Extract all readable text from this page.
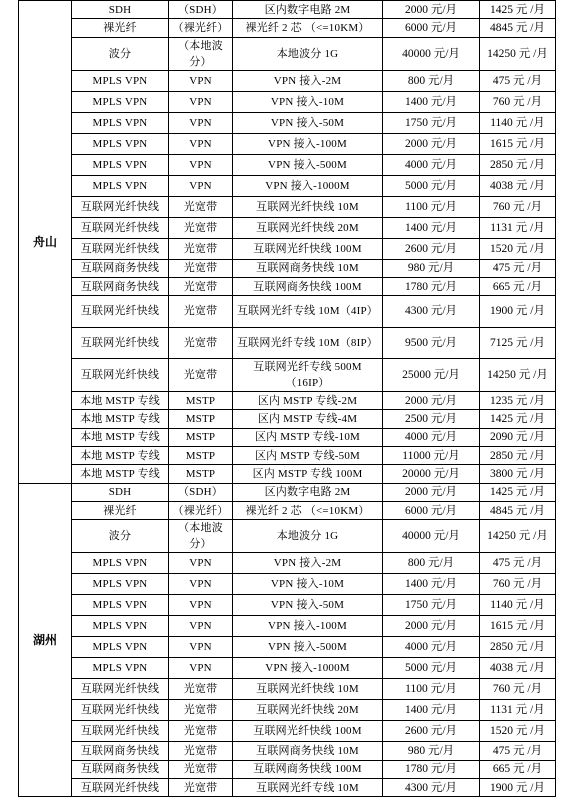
舟山	SDH	（SDH）	区内数字电路 2M	2000 元/月	1425 元 /月
	裸光纤	（裸光纤）	裸光纤 2 芯 （<=10KM）	6000 元/月	4845 元 /月
	波分	（本地波分）	本地波分 1G	40000 元/月	14250 元 /月
	MPLS VPN	VPN	VPN 接入-2M	800 元/月	475 元 /月
	MPLS VPN	VPN	VPN 接入-10M	1400 元/月	760 元 /月
	MPLS VPN	VPN	VPN 接入-50M	1750 元/月	1140 元 /月
	MPLS VPN	VPN	VPN 接入-100M	2000 元/月	1615 元 /月
	MPLS VPN	VPN	VPN 接入-500M	4000 元/月	2850 元 /月
	MPLS VPN	VPN	VPN 接入-1000M	5000 元/月	4038 元 /月
	互联网光纤快线	光宽带	互联网光纤快线 10M	1100 元/月	760 元 /月
	互联网光纤快线	光宽带	互联网光纤快线 20M	1400 元/月	1131 元 /月
	互联网光纤快线	光宽带	互联网光纤快线 100M	2600 元/月	1520 元 /月
	互联网商务快线	光宽带	互联网商务快线 10M	980 元/月	475 元 /月
	互联网商务快线	光宽带	互联网商务快线 100M	1780 元/月	665 元 /月
	互联网光纤快线	光宽带	互联网光纤专线 10M（4IP）	4300 元/月	1900 元 /月
	互联网光纤快线	光宽带	互联网光纤专线 10M（8IP）	9500 元/月	7125 元 /月
	互联网光纤快线	光宽带	互联网光纤专线 500M（16IP）	25000 元/月	14250 元 /月
	本地 MSTP 专线	MSTP	区内 MSTP 专线-2M	2000 元/月	1235 元 /月
	本地 MSTP 专线	MSTP	区内 MSTP 专线-4M	2500 元/月	1425 元 /月
	本地 MSTP 专线	MSTP	区内 MSTP 专线-10M	4000 元/月	2090 元 /月
	本地 MSTP 专线	MSTP	区内 MSTP 专线-50M	11000 元/月	2850 元 /月
	本地 MSTP 专线	MSTP	区内 MSTP 专线 100M	20000 元/月	3800 元 /月
湖州	SDH	（SDH）	区内数字电路 2M	2000 元/月	1425 元 /月
	裸光纤	（裸光纤）	裸光纤 2 芯 （<=10KM）	6000 元/月	4845 元 /月
	波分	（本地波分）	本地波分 1G	40000 元/月	14250 元 /月
	MPLS VPN	VPN	VPN 接入-2M	800 元/月	475 元 /月
	MPLS VPN	VPN	VPN 接入-10M	1400 元/月	760 元 /月
	MPLS VPN	VPN	VPN 接入-50M	1750 元/月	1140 元 /月
	MPLS VPN	VPN	VPN 接入-100M	2000 元/月	1615 元 /月
	MPLS VPN	VPN	VPN 接入-500M	4000 元/月	2850 元 /月
	MPLS VPN	VPN	VPN 接入-1000M	5000 元/月	4038 元 /月
	互联网光纤快线	光宽带	互联网光纤快线 10M	1100 元/月	760 元 /月
	互联网光纤快线	光宽带	互联网光纤快线 20M	1400 元/月	1131 元 /月
	互联网光纤快线	光宽带	互联网光纤快线 100M	2600 元/月	1520 元 /月
	互联网商务快线	光宽带	互联网商务快线 10M	980 元/月	475 元 /月
	互联网商务快线	光宽带	互联网商务快线 100M	1780 元/月	665 元 /月
	互联网光纤快线	光宽带	互联网光纤专线 10M	4300 元/月	1900 元 /月
